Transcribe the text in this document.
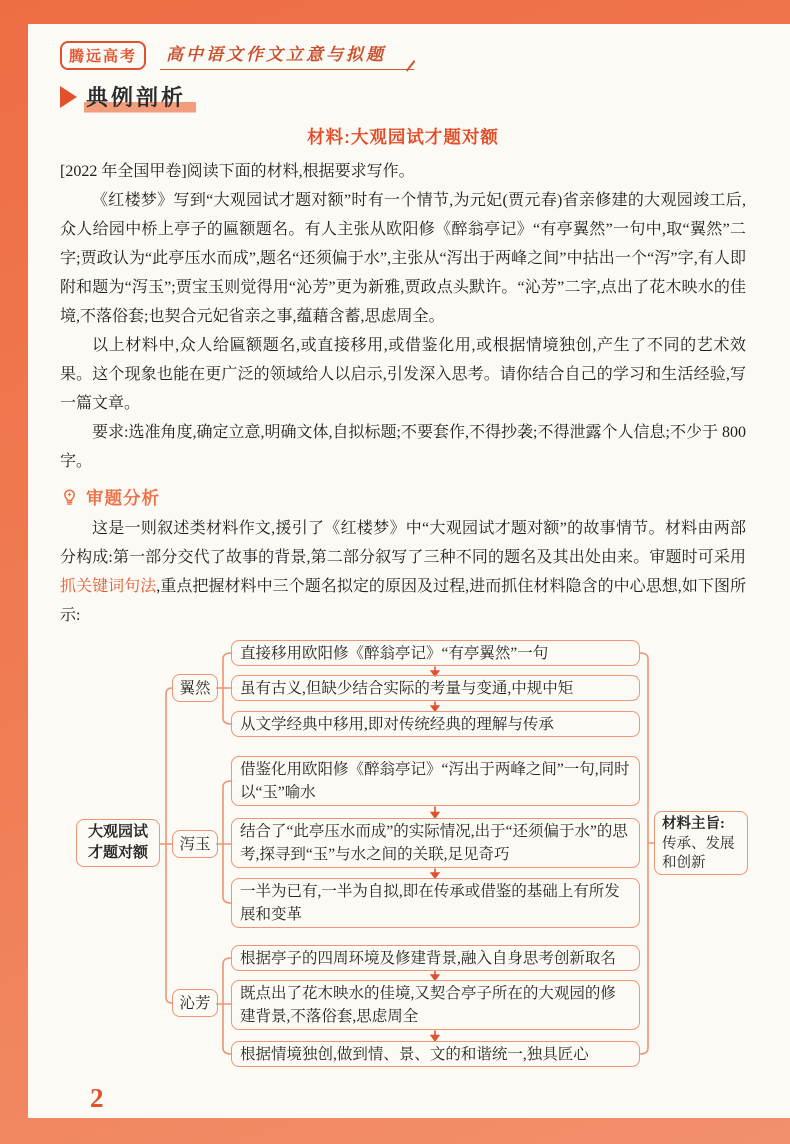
腾远高考	高中语文作文立意与拟题
典例剖析
材料:大观园试才题对额

[2022 年全国甲卷]阅读下面的材料,根据要求写作。

《红楼梦》写到“大观园试才题对额”时有一个情节,为元妃(贾元春)省亲修建的大观园竣工后,众人给园中桥上亭子的匾额题名。有人主张从欧阳修《醉翁亭记》“有亭翼然”一句中,取“翼然”二字;贾政认为“此亭压水而成”,题名“还须偏于水”,主张从“泻出于两峰之间”中拈出一个“泻”字,有人即附和题为“泻玉”;贾宝玉则觉得用“沁芳”更为新雅,贾政点头默许。“沁芳”二字,点出了花木映水的佳境,不落俗套;也契合元妃省亲之事,蕴藉含蓄,思虑周全。

以上材料中,众人给匾额题名,或直接移用,或借鉴化用,或根据情境独创,产生了不同的艺术效果。这个现象也能在更广泛的领域给人以启示,引发深入思考。请你结合自己的学习和生活经验,写一篇文章。

要求:选准角度,确定立意,明确文体,自拟标题;不要套作,不得抄袭;不得泄露个人信息;不少于 800 字。

审题分析

这是一则叙述类材料作文,援引了《红楼梦》中“大观园试才题对额”的故事情节。材料由两部分构成:第一部分交代了故事的背景,第二部分叙写了三种不同的题名及其出处由来。审题时可采用抓关键词句法,重点把握材料中三个题名拟定的原因及过程,进而抓住材料隐含的中心思想,如下图所示:

大观园试
才题对额
翼然
泻玉
沁芳
直接移用欧阳修《醉翁亭记》“有亭翼然”一句
虽有古义,但缺少结合实际的考量与变通,中规中矩
从文学经典中移用,即对传统经典的理解与传承
借鉴化用欧阳修《醉翁亭记》“泻出于两峰之间”一句,同时以“玉”喻水
结合了“此亭压水而成”的实际情况,出于“还须偏于水”的思考,探寻到“玉”与水之间的关联,足见奇巧
一半为已有,一半为自拟,即在传承或借鉴的基础上有所发展和变革
根据亭子的四周环境及修建背景,融入自身思考创新取名
既点出了花木映水的佳境,又契合亭子所在的大观园的修建背景,不落俗套,思虑周全
根据情境独创,做到情、景、文的和谐统一,独具匠心
材料主旨:
传承、发展和创新
2
